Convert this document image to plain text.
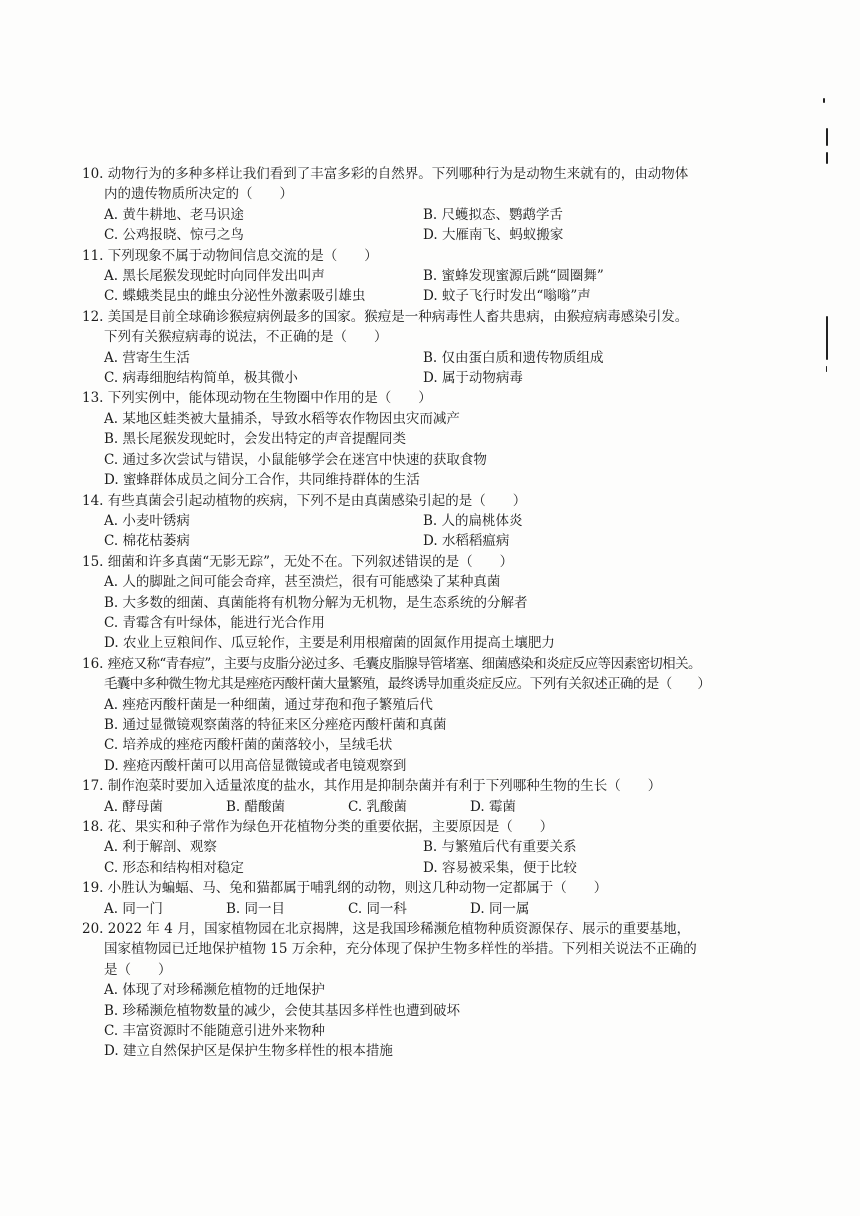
10. 动物行为的多种多样让我们看到了丰富多彩的自然界。下列哪种行为是动物生来就有的，由动物体
内的遗传物质所决定的（　　）
A. 黄牛耕地、老马识途	B. 尺蠖拟态、鹦鹉学舌
C. 公鸡报晓、惊弓之鸟	D. 大雁南飞、蚂蚁搬家
11. 下列现象不属于动物间信息交流的是（　　）
A. 黑长尾猴发现蛇时向同伴发出叫声	B. 蜜蜂发现蜜源后跳“圆圈舞”
C. 蝶蛾类昆虫的雌虫分泌性外激素吸引雄虫	D. 蚊子飞行时发出“嗡嗡”声
12. 美国是目前全球确诊猴痘病例最多的国家。猴痘是一种病毒性人畜共患病，由猴痘病毒感染引发。
下列有关猴痘病毒的说法，不正确的是（　　）
A. 营寄生生活	B. 仅由蛋白质和遗传物质组成
C. 病毒细胞结构简单，极其微小	D. 属于动物病毒
13. 下列实例中，能体现动物在生物圈中作用的是（　　）
A. 某地区蛙类被大量捕杀，导致水稻等农作物因虫灾而减产
B. 黑长尾猴发现蛇时，会发出特定的声音提醒同类
C. 通过多次尝试与错误，小鼠能够学会在迷宫中快速的获取食物
D. 蜜蜂群体成员之间分工合作，共同维持群体的生活
14. 有些真菌会引起动植物的疾病，下列不是由真菌感染引起的是（　　）
A. 小麦叶锈病	B. 人的扁桃体炎
C. 棉花枯萎病	D. 水稻稻瘟病
15. 细菌和许多真菌“无影无踪”，无处不在。下列叙述错误的是（　　）
A. 人的脚趾之间可能会奇痒，甚至溃烂，很有可能感染了某种真菌
B. 大多数的细菌、真菌能将有机物分解为无机物，是生态系统的分解者
C. 青霉含有叶绿体，能进行光合作用
D. 农业上豆粮间作、瓜豆轮作，主要是利用根瘤菌的固氮作用提高土壤肥力
16. 痤疮又称“青春痘”，主要与皮脂分泌过多、毛囊皮脂腺导管堵塞、细菌感染和炎症反应等因素密切相关。
毛囊中多种微生物尤其是痤疮丙酸杆菌大量繁殖，最终诱导加重炎症反应。下列有关叙述正确的是（　　）
A. 痤疮丙酸杆菌是一种细菌，通过芽孢和孢子繁殖后代
B. 通过显微镜观察菌落的特征来区分痤疮丙酸杆菌和真菌
C. 培养成的痤疮丙酸杆菌的菌落较小，呈绒毛状
D. 痤疮丙酸杆菌可以用高倍显微镜或者电镜观察到
17. 制作泡菜时要加入适量浓度的盐水，其作用是抑制杂菌并有利于下列哪种生物的生长（　　）
A. 酵母菌	B. 醋酸菌	C. 乳酸菌	D. 霉菌
18. 花、果实和种子常作为绿色开花植物分类的重要依据，主要原因是（　　）
A. 利于解剖、观察	B. 与繁殖后代有重要关系
C. 形态和结构相对稳定	D. 容易被采集，便于比较
19. 小胜认为蝙蝠、马、兔和猫都属于哺乳纲的动物，则这几种动物一定都属于（　　）
A. 同一门	B. 同一目	C. 同一科	D. 同一属
20. 2022 年 4 月，国家植物园在北京揭牌，这是我国珍稀濒危植物种质资源保存、展示的重要基地，
国家植物园已迁地保护植物 15 万余种，充分体现了保护生物多样性的举措。下列相关说法不正确的
是（　　）
A. 体现了对珍稀濒危植物的迁地保护
B. 珍稀濒危植物数量的减少，会使其基因多样性也遭到破坏
C. 丰富资源时不能随意引进外来物种
D. 建立自然保护区是保护生物多样性的根本措施
